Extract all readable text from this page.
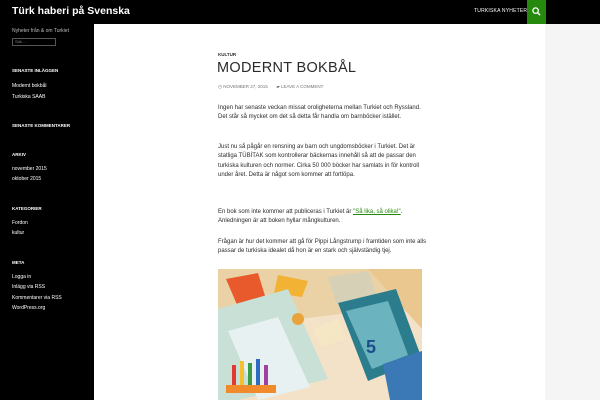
Türk haberi på Svenska	TURKISKA NYHETER
Nyheter från & om Turkiet
Sök …
SENASTE INLÄGGEN
Modernt bokbål
Turkiska SAAB
SENASTE KOMMENTARER
ARKIV
november 2015
oktober 2015
KATEGORIER
Fordon
kultur
META
Logga in
Inlägg via RSS
Kommentarer via RSS
WordPress.org
KULTUR
MODERNT BOKBÅL
◷ NOVEMBER 27, 2015 ▰ LEAVE A COMMENT
Ingen har senaste veckan missat oroligheterna mellan Turkiet och Ryssland. Det står så mycket om det så detta får handla om barnböcker istället.
Just nu så pågår en rensning av barn och ungdomsböcker i Turkiet. Det är statliga TÜBİTAK som kontrollerar bäckernas innehåll så att de passar den turkiska kulturen och normer. Cirka 50 000 böcker har samlats in för kontroll under året. Detta är något som kommer att fortlöpa.
En bok som inte kommer att publiceras i Turkiet är "Så lika, så olika!". Anledningen är att boken hyllar mångkulturen.
Frågan är hur det kommer att gå för Pippi Långstrump i framtiden som inte alls passar de turkiska idealet då hon är en stark och självständig tjej.
5
